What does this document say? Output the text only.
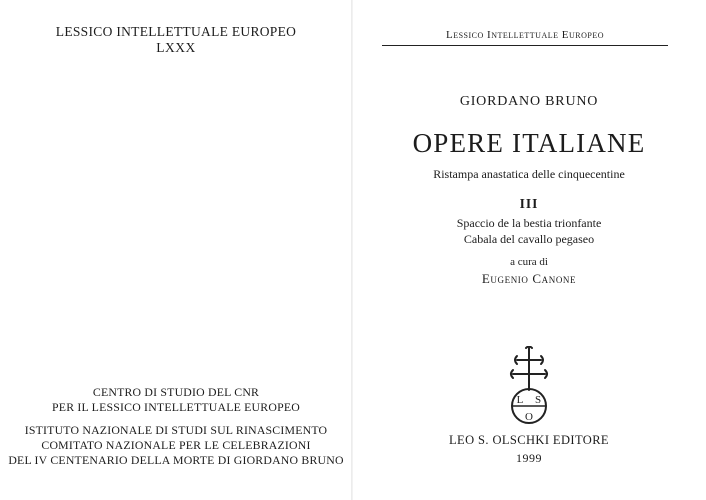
LESSICO INTELLETTUALE EUROPEO
LXXX
CENTRO DI STUDIO DEL CNR
PER IL LESSICO INTELLETTUALE EUROPEO
ISTITUTO NAZIONALE DI STUDI SUL RINASCIMENTO
COMITATO NAZIONALE PER LE CELEBRAZIONI
DEL IV CENTENARIO DELLA MORTE DI GIORDANO BRUNO
Lessico Intellettuale Europeo
GIORDANO BRUNO
OPERE ITALIANE
Ristampa anastatica delle cinquecentine
III
Spaccio de la bestia trionfante
Cabala del cavallo pegaseo
a cura di
Eugenio Canone
L S
O
LEO S. OLSCHKI EDITORE
1999
